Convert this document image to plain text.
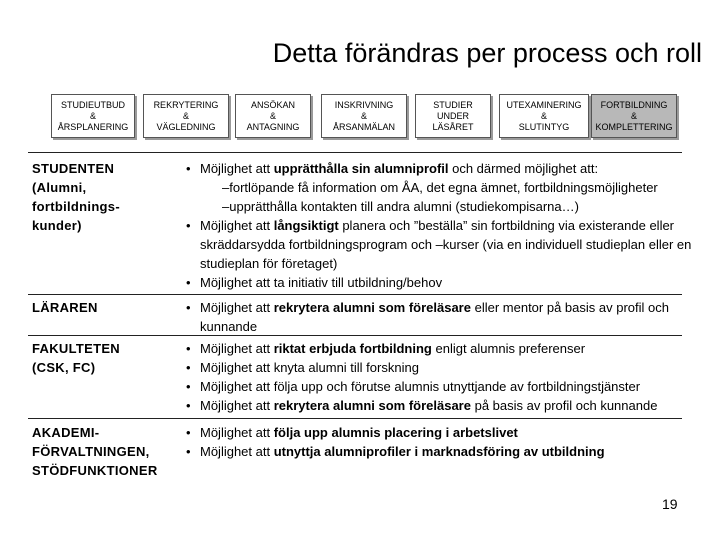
Detta förändras per process och roll
STUDIEUTBUD
&
ÅRSPLANERING
REKRYTERING
&
VÄGLEDNING
ANSÖKAN
&
ANTAGNING
INSKRIVNING
&
ÅRSANMÄLAN
STUDIER
UNDER
LÄSÅRET
UTEXAMINERING
&
SLUTINTYG
FORTBILDNING
&
KOMPLETTERING
STUDENTEN
(Alumni,
fortbildnings-
kunder)
• Möjlighet att upprätthålla sin alumniprofil och därmed möjlighet att:
–fortlöpande få information om ÅA, det egna ämnet, fortbildningsmöjligheter
–upprätthålla kontakten till andra alumni (studiekompisarna…)
• Möjlighet att långsiktigt planera och ”beställa” sin fortbildning via existerande eller skräddarsydda fortbildningsprogram och –kurser (via en individuell studieplan eller en studieplan för företaget)
• Möjlighet att ta initiativ till utbildning/behov
LÄRAREN	• Möjlighet att rekrytera alumni som föreläsare eller mentor på basis av profil och kunnande
FAKULTETEN
(CSK, FC)
• Möjlighet att riktat erbjuda fortbildning enligt alumnis preferenser
• Möjlighet att knyta alumni till forskning
• Möjlighet att följa upp och förutse alumnis utnyttjande av fortbildningstjänster
• Möjlighet att rekrytera alumni som föreläsare på basis av profil och kunnande
AKADEMI-
FÖRVALTNINGEN,
STÖDFUNKTIONER
• Möjlighet att följa upp alumnis placering i arbetslivet
• Möjlighet att utnyttja alumniprofiler i marknadsföring av utbildning
19
